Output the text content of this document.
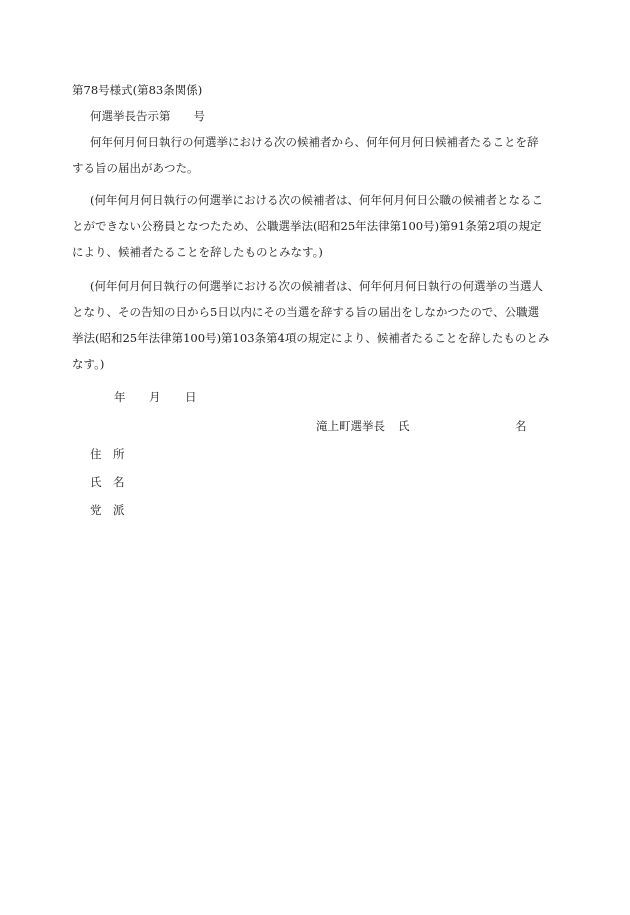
第78号様式(第83条関係)
何選挙長告示第　　号
何年何月何日執行の何選挙における次の候補者から、何年何月何日候補者たることを辞
する旨の届出があつた。
(何年何月何日執行の何選挙における次の候補者は、何年何月何日公職の候補者となるこ
とができない公務員となつたため、公職選挙法(昭和25年法律第100号)第91条第2項の規定
により、候補者たることを辞したものとみなす。)
(何年何月何日執行の何選挙における次の候補者は、何年何月何日執行の何選挙の当選人
となり、その告知の日から5日以内にその当選を辞する旨の届出をしなかつたので、公職選
挙法(昭和25年法律第100号)第103条第4項の規定により、候補者たることを辞したものとみ
なす。)
年 月 日
滝上町選挙長 氏	名
住　所
氏　名
党　派
